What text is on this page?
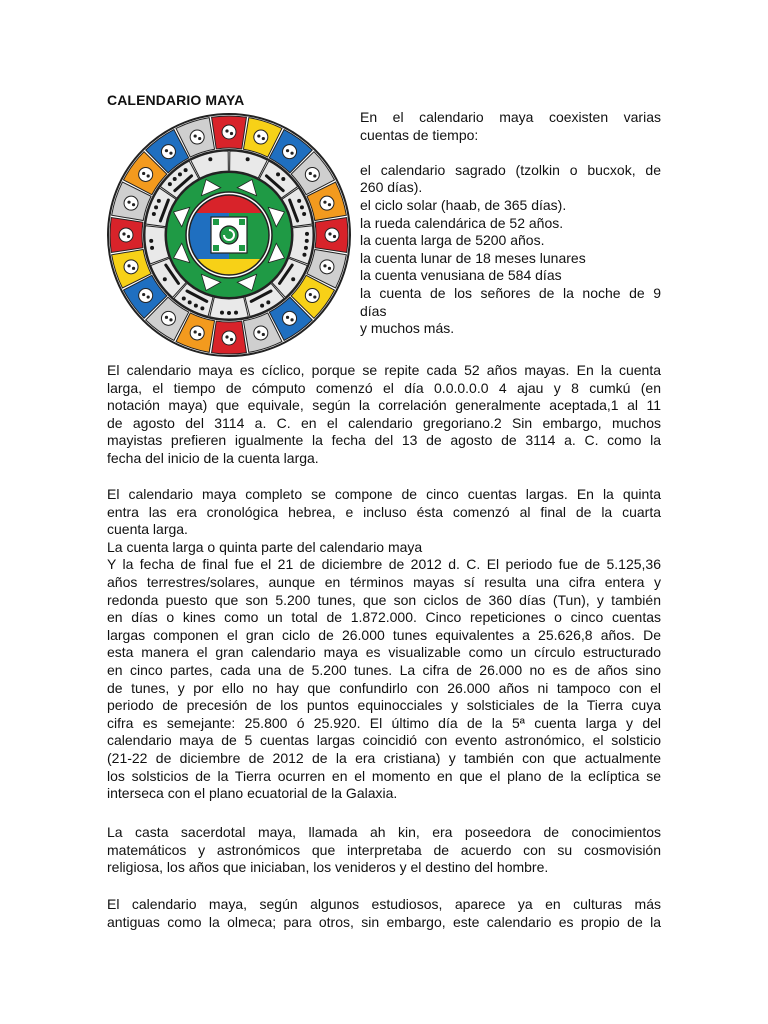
CALENDARIO MAYA
En el calendario maya coexisten varias
cuentas de tiempo:
el calendario sagrado (tzolkin o bucxok, de
260 días).
el ciclo solar (haab, de 365 días).
la rueda calendárica de 52 años.
la cuenta larga de 5200 años.
la cuenta lunar de 18 meses lunares
la cuenta venusiana de 584 días
la cuenta de los señores de la noche de 9
días
y muchos más.
El calendario maya es cíclico, porque se repite cada 52 años mayas. En la cuenta
larga, el tiempo de cómputo comenzó el día 0.0.0.0.0 4 ajau y 8 cumkú (en
notación maya) que equivale, según la correlación generalmente aceptada,1 al 11
de agosto del 3114 a. C. en el calendario gregoriano.2 Sin embargo, muchos
mayistas prefieren igualmente la fecha del 13 de agosto de 3114 a. C. como la
fecha del inicio de la cuenta larga.
El calendario maya completo se compone de cinco cuentas largas. En la quinta
entra las era cronológica hebrea, e incluso ésta comenzó al final de la cuarta
cuenta larga.
La cuenta larga o quinta parte del calendario maya
Y la fecha de final fue el 21 de diciembre de 2012 d. C. El periodo fue de 5.125,36
años terrestres/solares, aunque en términos mayas sí resulta una cifra entera y
redonda puesto que son 5.200 tunes, que son ciclos de 360 días (Tun), y también
en días o kines como un total de 1.872.000. Cinco repeticiones o cinco cuentas
largas componen el gran ciclo de 26.000 tunes equivalentes a 25.626,8 años. De
esta manera el gran calendario maya es visualizable como un círculo estructurado
en cinco partes, cada una de 5.200 tunes. La cifra de 26.000 no es de años sino
de tunes, y por ello no hay que confundirlo con 26.000 años ni tampoco con el
periodo de precesión de los puntos equinocciales y solsticiales de la Tierra cuya
cifra es semejante: 25.800 ó 25.920. El último día de la 5ª cuenta larga y del
calendario maya de 5 cuentas largas coincidió con evento astronómico, el solsticio
(21-22 de diciembre de 2012 de la era cristiana) y también con que actualmente
los solsticios de la Tierra ocurren en el momento en que el plano de la eclíptica se
interseca con el plano ecuatorial de la Galaxia.
La casta sacerdotal maya, llamada ah kin, era poseedora de conocimientos
matemáticos y astronómicos que interpretaba de acuerdo con su cosmovisión
religiosa, los años que iniciaban, los venideros y el destino del hombre.
El calendario maya, según algunos estudiosos, aparece ya en culturas más
antiguas como la olmeca; para otros, sin embargo, este calendario es propio de la
